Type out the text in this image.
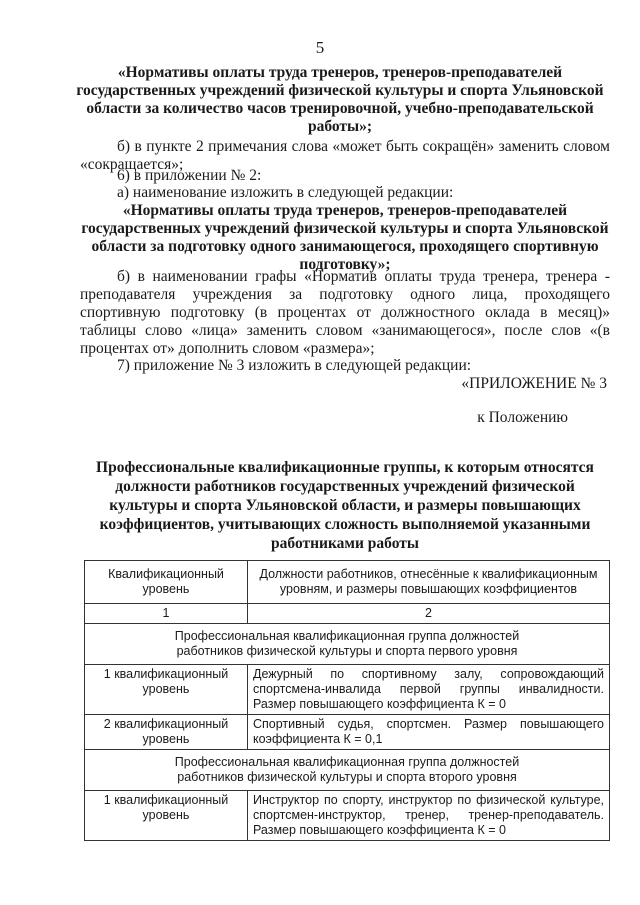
5
«Нормативы оплаты труда тренеров, тренеров-преподавателей государственных учреждений физической культуры и спорта Ульяновской области за количество часов тренировочной, учебно-преподавательской работы»;
б) в пункте 2 примечания слова «может быть сокращён» заменить словом «сокращается»;
6) в приложении № 2:
а) наименование изложить в следующей редакции:
«Нормативы оплаты труда тренеров, тренеров-преподавателей государственных учреждений физической культуры и спорта Ульяновской области за подготовку одного занимающегося, проходящего спортивную подготовку»;
б) в наименовании графы «Норматив оплаты труда тренера, тренера - преподавателя учреждения за подготовку одного лица, проходящего спортивную подготовку (в процентах от должностного оклада в месяц)» таблицы слово «лица» заменить словом «занимающегося», после слов «(в процентах от» дополнить словом «размера»;
7) приложение № 3 изложить в следующей редакции:
«ПРИЛОЖЕНИЕ № 3
к Положению
Профессиональные квалификационные группы, к которым относятся должности работников государственных учреждений физической культуры и спорта Ульяновской области, и размеры повышающих коэффициентов, учитывающих сложность выполняемой указанными работниками работы
Квалификационный уровень	Должности работников, отнесённые к квалификационным уровням, и размеры повышающих коэффициентов
1	2
Профессиональная квалификационная группа должностей работников физической культуры и спорта первого уровня	
1 квалификационный уровень	Дежурный по спортивному залу, сопровождающий спортсмена-инвалида первой группы инвалидности. Размер повышающего коэффициента К = 0
2 квалификационный уровень	Спортивный судья, спортсмен. Размер повышающего коэффициента К = 0,1
Профессиональная квалификационная группа должностей работников физической культуры и спорта второго уровня	
1 квалификационный уровень	Инструктор по спорту, инструктор по физической культуре, спортсмен-инструктор, тренер, тренер-преподаватель. Размер повышающего коэффициента К = 0
